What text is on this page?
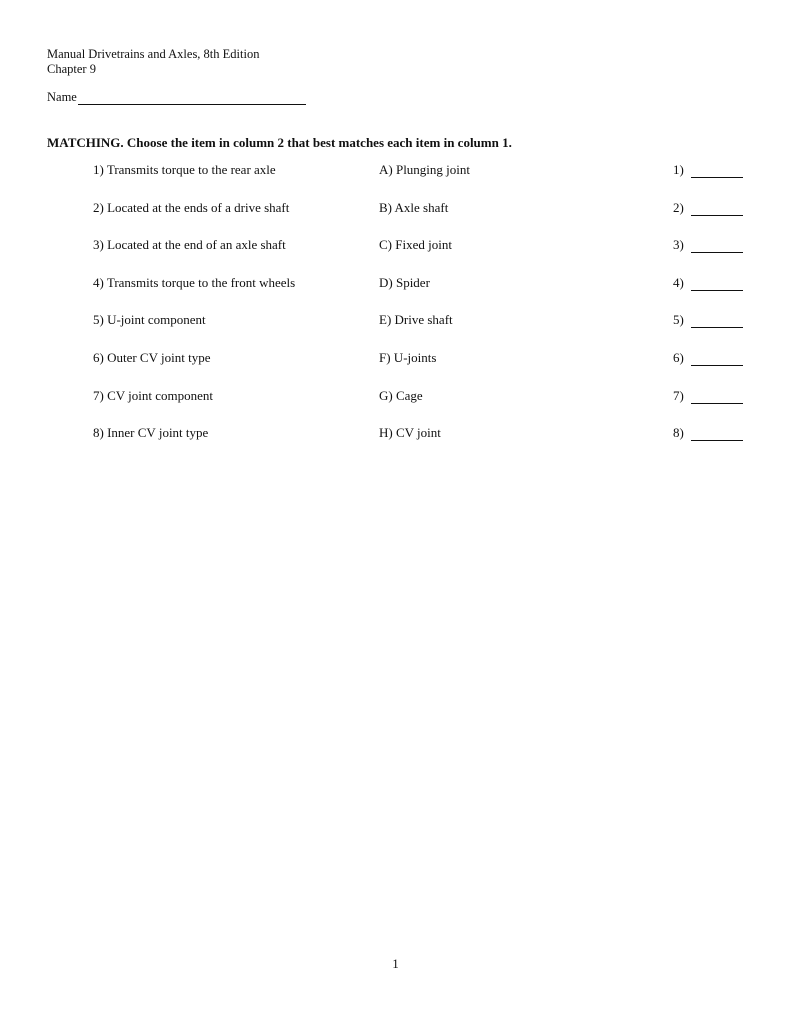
Manual Drivetrains and Axles, 8th Edition
Chapter 9
Name
MATCHING. Choose the item in column 2 that best matches each item in column 1.
1) Transmits torque to the rear axle	A) Plunging joint	1)
2) Located at the ends of a drive shaft	B) Axle shaft	2)
3) Located at the end of an axle shaft	C) Fixed joint	3)
4) Transmits torque to the front wheels	D) Spider	4)
5) U-joint component	E) Drive shaft	5)
6) Outer CV joint type	F) U-joints	6)
7) CV joint component	G) Cage	7)
8) Inner CV joint type	H) CV joint	8)
1
